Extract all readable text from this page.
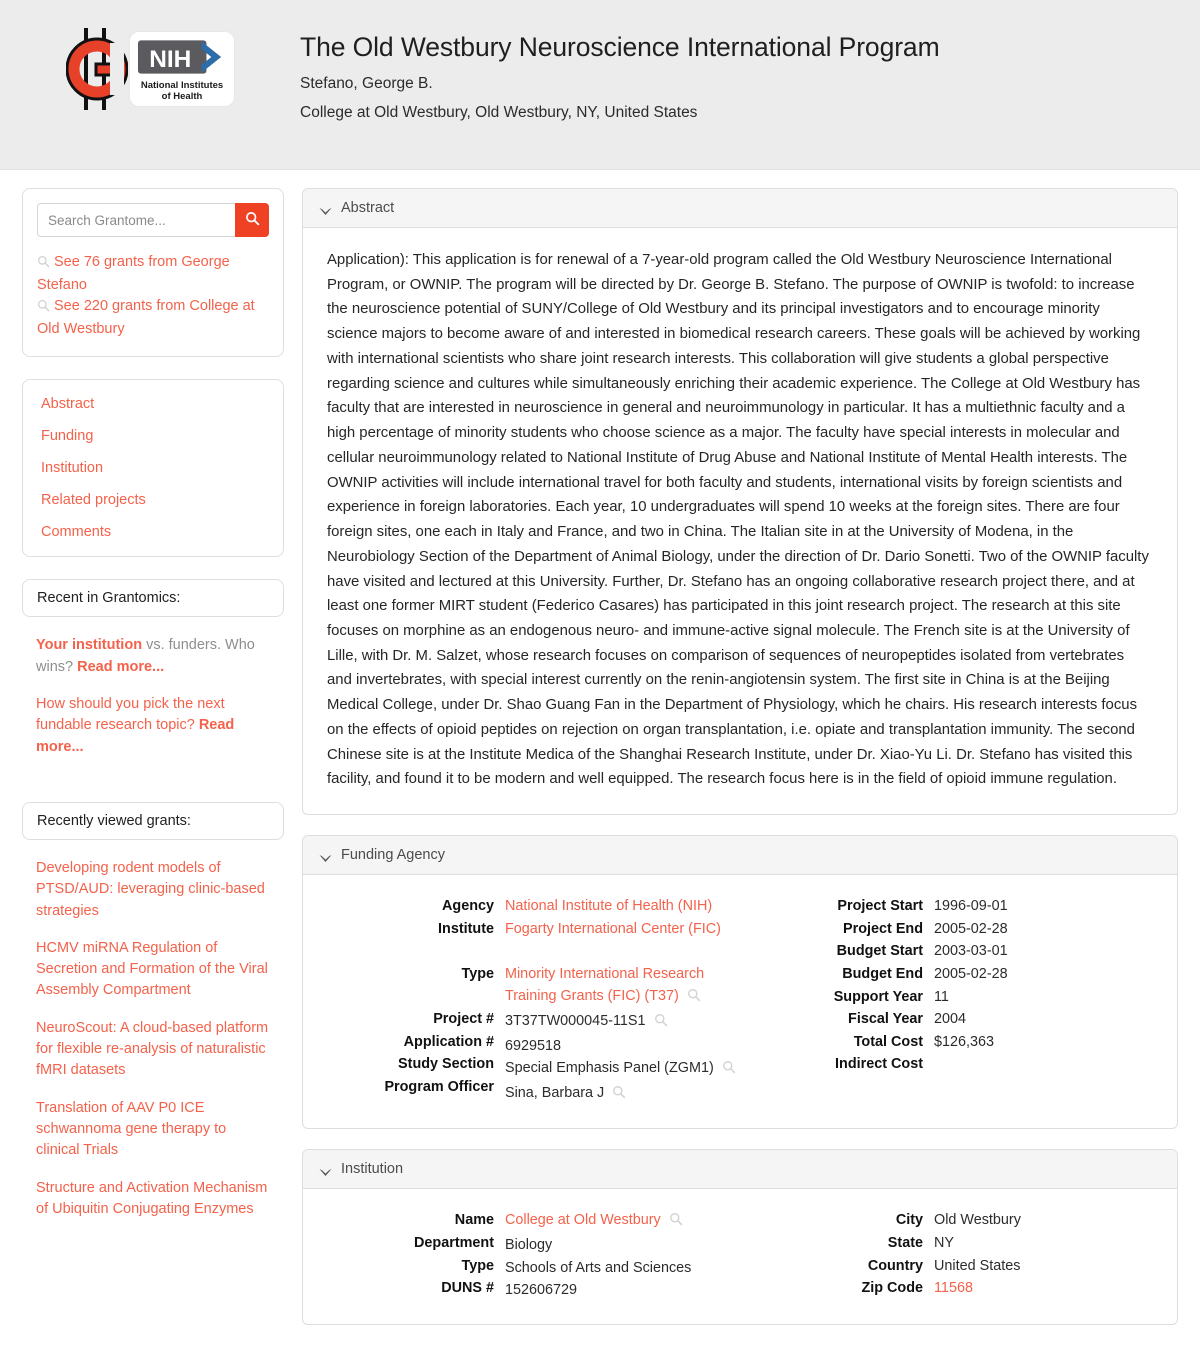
NIH
National Institutes
of Health
The Old Westbury Neuroscience International Program
Stefano, George B.
College at Old Westbury, Old Westbury, NY, United States
Search Grantome...
See 76 grants from George Stefano
See 220 grants from College at Old Westbury
Abstract
Funding
Institution
Related projects
Comments
Recent in Grantomics:
Your institution vs. funders. Who wins? Read more...
How should you pick the next fundable research topic? Read more...
Recently viewed grants:
Developing rodent models of PTSD/AUD: leveraging clinic-based strategies
HCMV miRNA Regulation of Secretion and Formation of the Viral Assembly Compartment
NeuroScout: A cloud-based platform for flexible re-analysis of naturalistic fMRI datasets
Translation of AAV P0 ICE schwannoma gene therapy to clinical Trials
Structure and Activation Mechanism of Ubiquitin Conjugating Enzymes
Abstract

Application): This application is for renewal of a 7-year-old program called the Old Westbury Neuroscience International Program, or OWNIP. The program will be directed by Dr. George B. Stefano. The purpose of OWNIP is twofold: to increase the neuroscience potential of SUNY/College of Old Westbury and its principal investigators and to encourage minority science majors to become aware of and interested in biomedical research careers. These goals will be achieved by working with international scientists who share joint research interests. This collaboration will give students a global perspective regarding science and cultures while simultaneously enriching their academic experience. The College at Old Westbury has faculty that are interested in neuroscience in general and neuroimmunology in particular. It has a multiethnic faculty and a high percentage of minority students who choose science as a major. The faculty have special interests in molecular and cellular neuroimmunology related to National Institute of Drug Abuse and National Institute of Mental Health interests. The OWNIP activities will include international travel for both faculty and students, international visits by foreign scientists and experience in foreign laboratories. Each year, 10 undergraduates will spend 10 weeks at the foreign sites. There are four foreign sites, one each in Italy and France, and two in China. The Italian site in at the University of Modena, in the Neurobiology Section of the Department of Animal Biology, under the direction of Dr. Dario Sonetti. Two of the OWNIP faculty have visited and lectured at this University. Further, Dr. Stefano has an ongoing collaborative research project there, and at least one former MIRT student (Federico Casares) has participated in this joint research project. The research at this site focuses on morphine as an endogenous neuro- and immune-active signal molecule. The French site is at the University of Lille, with Dr. M. Salzet, whose research focuses on comparison of sequences of neuropeptides isolated from vertebrates and invertebrates, with special interest currently on the renin-angiotensin system. The first site in China is at the Beijing Medical College, under Dr. Shao Guang Fan in the Department of Physiology, which he chairs. His research interests focus on the effects of opioid peptides on rejection on organ transplantation, i.e. opiate and transplantation immunity. The second Chinese site is at the Institute Medica of the Shanghai Research Institute, under Dr. Xiao-Yu Li. Dr. Stefano has visited this facility, and found it to be modern and well equipped. The research focus here is in the field of opioid immune regulation.

Funding Agency
Agency
Institute
Type
Project #
Application #
Study Section
Program Officer
National Institute of Health (NIH)
Fogarty International Center (FIC)
Minority International Research Training Grants (FIC) (T37)
3T37TW000045-11S1
6929518
Special Emphasis Panel (ZGM1)
Sina, Barbara J
Project Start
Project End
Budget Start
Budget End
Support Year
Fiscal Year
Total Cost
Indirect Cost
1996-09-01
2005-02-28
2003-03-01
2005-02-28
11
2004
$126,363
Institution
Name
Department
Type
DUNS #
College at Old Westbury
Biology
Schools of Arts and Sciences
152606729
City
State
Country
Zip Code
Old Westbury
NY
United States
11568
